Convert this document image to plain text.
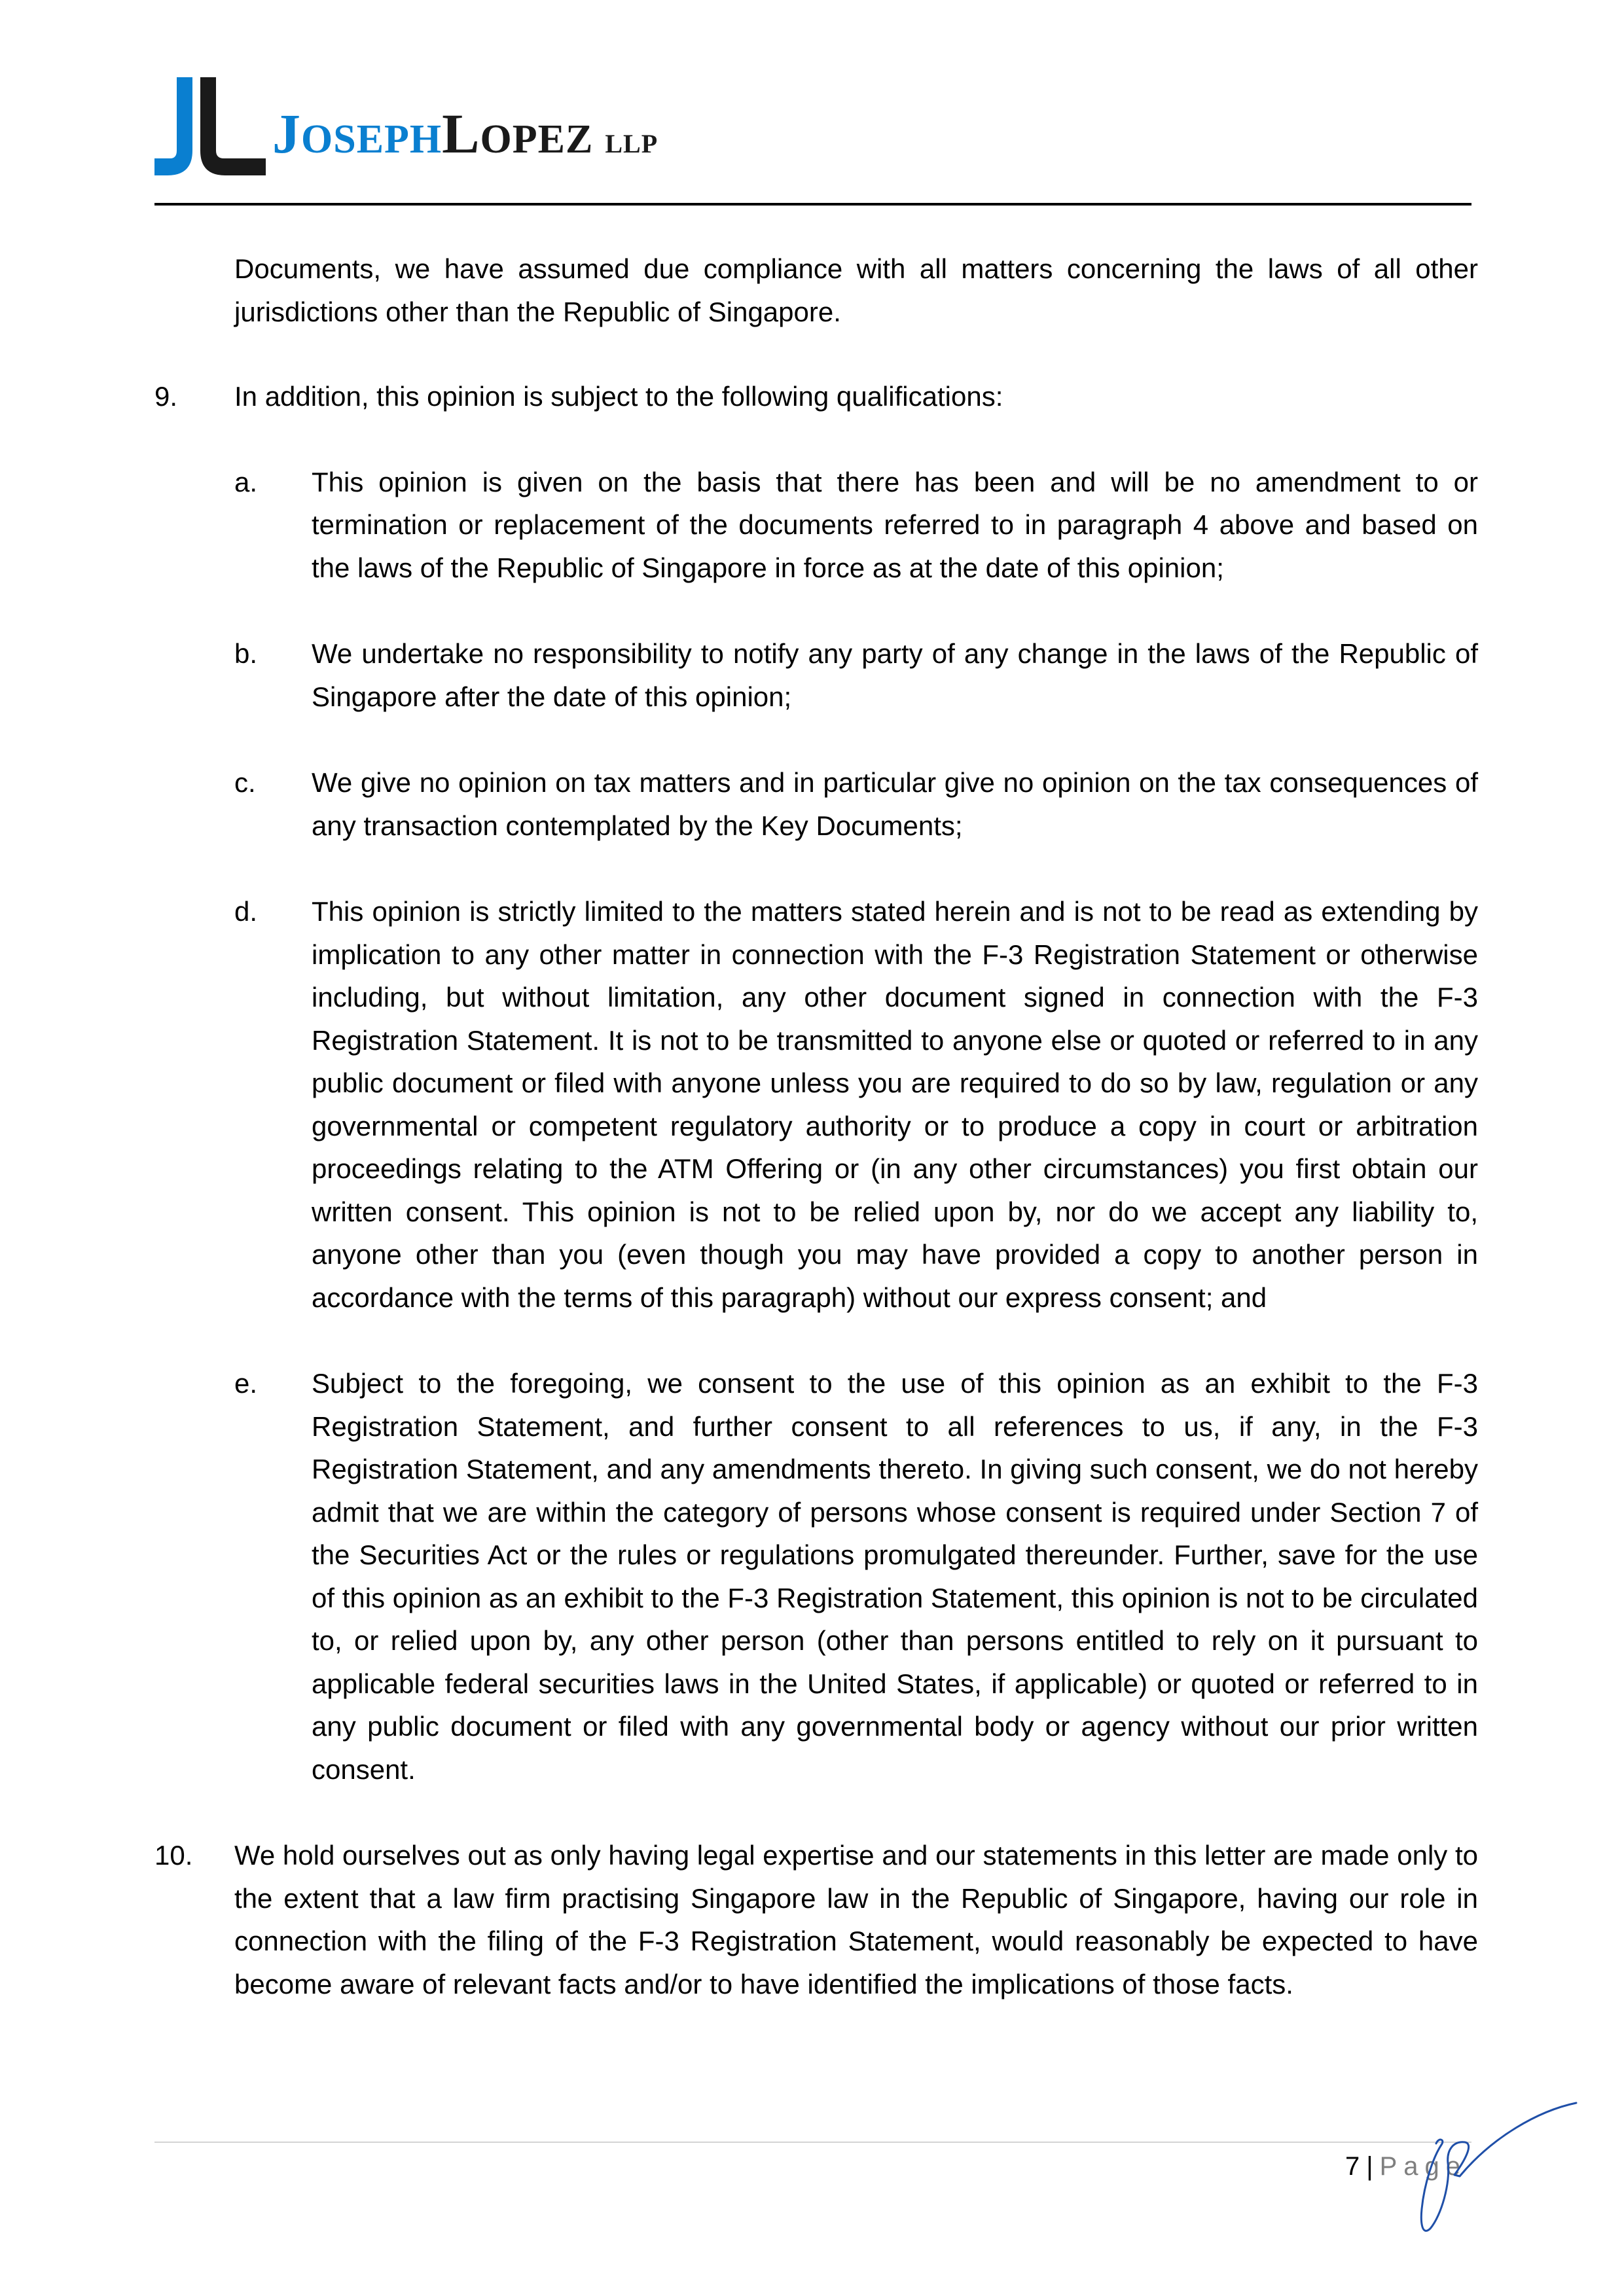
JOSEPHLOPEZ LLP
Documents, we have assumed due compliance with all matters concerning the laws of all other jurisdictions other than the Republic of Singapore.
9. In addition, this opinion is subject to the following qualifications:
a. This opinion is given on the basis that there has been and will be no amendment to or termination or replacement of the documents referred to in paragraph 4 above and based on the laws of the Republic of Singapore in force as at the date of this opinion;
b. We undertake no responsibility to notify any party of any change in the laws of the Republic of Singapore after the date of this opinion;
c. We give no opinion on tax matters and in particular give no opinion on the tax consequences of any transaction contemplated by the Key Documents;
d. This opinion is strictly limited to the matters stated herein and is not to be read as extending by implication to any other matter in connection with the F-3 Registration Statement or otherwise including, but without limitation, any other document signed in connection with the F-3 Registration Statement. It is not to be transmitted to anyone else or quoted or referred to in any public document or filed with anyone unless you are required to do so by law, regulation or any governmental or competent regulatory authority or to produce a copy in court or arbitration proceedings relating to the ATM Offering or (in any other circumstances) you first obtain our written consent. This opinion is not to be relied upon by, nor do we accept any liability to, anyone other than you (even though you may have provided a copy to another person in accordance with the terms of this paragraph) without our express consent; and
e. Subject to the foregoing, we consent to the use of this opinion as an exhibit to the F-3 Registration Statement, and further consent to all references to us, if any, in the F-3 Registration Statement, and any amendments thereto. In giving such consent, we do not hereby admit that we are within the category of persons whose consent is required under Section 7 of the Securities Act or the rules or regulations promulgated thereunder. Further, save for the use of this opinion as an exhibit to the F-3 Registration Statement, this opinion is not to be circulated to, or relied upon by, any other person (other than persons entitled to rely on it pursuant to applicable federal securities laws in the United States, if applicable) or quoted or referred to in any public document or filed with any governmental body or agency without our prior written consent.
10. We hold ourselves out as only having legal expertise and our statements in this letter are made only to the extent that a law firm practising Singapore law in the Republic of Singapore, having our role in connection with the filing of the F-3 Registration Statement, would reasonably be expected to have become aware of relevant facts and/or to have identified the implications of those facts.
7 | Page
